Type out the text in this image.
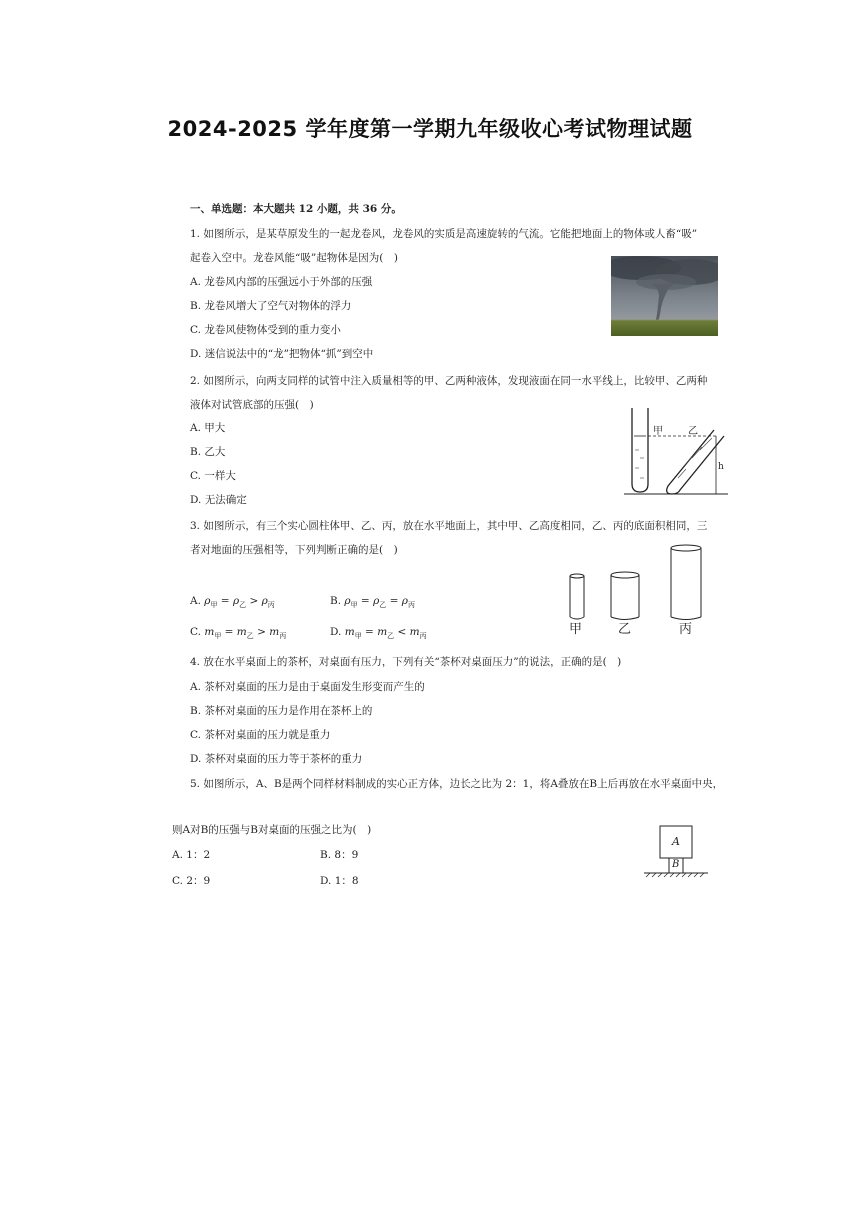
2024-2025 学年度第一学期九年级收心考试物理试题
一、单选题：本大题共 12 小题，共 36 分。
1. 如图所示，是某草原发生的一起龙卷风，龙卷风的实质是高速旋转的气流。它能把地面上的物体或人畜“吸”
起卷入空中。龙卷风能“吸”起物体是因为(　)
A. 龙卷风内部的压强远小于外部的压强
B. 龙卷风增大了空气对物体的浮力
C. 龙卷风使物体受到的重力变小
D. 迷信说法中的“龙”把物体“抓”到空中
2. 如图所示，向两支同样的试管中注入质量相等的甲、乙两种液体，发现液面在同一水平线上，比较甲、乙两种
液体对试管底部的压强(　)
A. 甲大
B. 乙大
C. 一样大
D. 无法确定
甲	乙
h
3. 如图所示，有三个实心圆柱体甲、乙、丙，放在水平地面上，其中甲、乙高度相同，乙、丙的底面积相同，三
者对地面的压强相等，下列判断正确的是(　)
A. $\rho_甲 = \rho_乙 > \rho_丙$	B. $\rho_甲 = \rho_乙 = \rho_丙$
C. $m_甲 = m_乙 > m_丙$	D. $m_甲 = m_乙 < m_丙$	甲	乙	丙
4. 放在水平桌面上的茶杯，对桌面有压力，下列有关“茶杯对桌面压力”的说法，正确的是(　)
A. 茶杯对桌面的压力是由于桌面发生形变而产生的
B. 茶杯对桌面的压力是作用在茶杯上的
C. 茶杯对桌面的压力就是重力
D. 茶杯对桌面的压力等于茶杯的重力
5. 如图所示，A、B是两个同样材料制成的实心正方体，边长之比为 2：1，将A叠放在B上后再放在水平桌面中央，
则A对B的压强与B对桌面的压强之比为(　)
A. 1：2	B. 8：9
C. 2：9	D. 1：8
A
B
